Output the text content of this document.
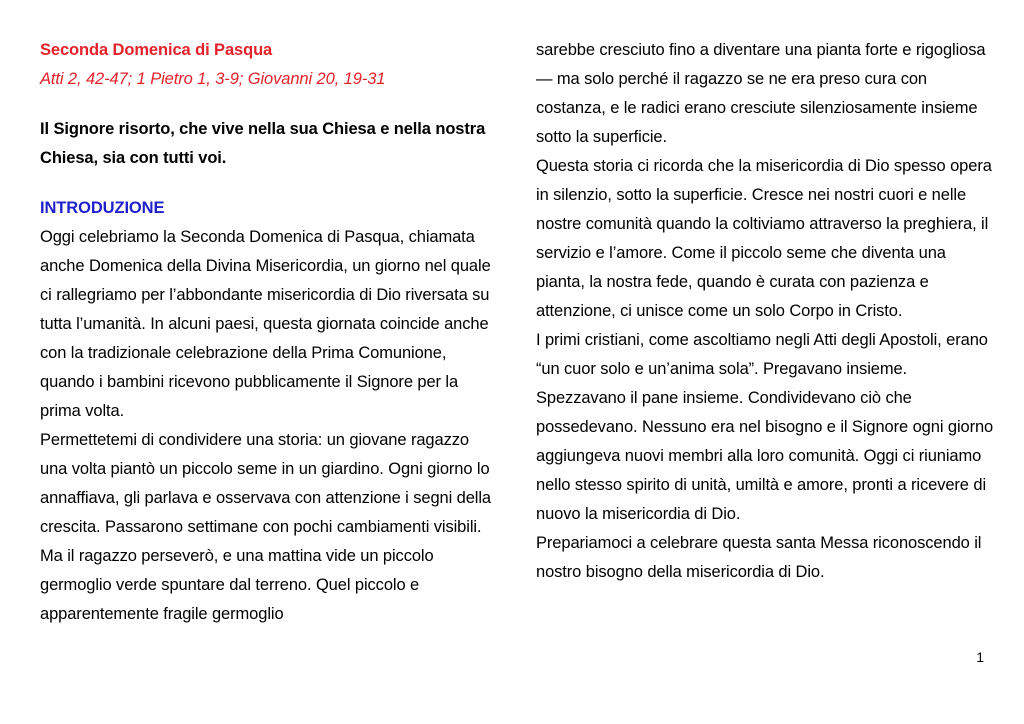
Seconda Domenica di Pasqua
Atti 2, 42-47; 1 Pietro 1, 3-9; Giovanni 20, 19-31
Il Signore risorto, che vive nella sua Chiesa e nella nostra Chiesa, sia con tutti voi.
INTRODUZIONE

Oggi celebriamo la Seconda Domenica di Pasqua, chiamata anche Domenica della Divina Misericordia, un giorno nel quale ci rallegriamo per l’abbondante misericordia di Dio riversata su tutta l’umanità. In alcuni paesi, questa giornata coincide anche con la tradizionale celebrazione della Prima Comunione, quando i bambini ricevono pubblicamente il Signore per la prima volta.

Permettetemi di condividere una storia: un giovane ragazzo una volta piantò un piccolo seme in un giardino. Ogni giorno lo annaffiava, gli parlava e osservava con attenzione i segni della crescita. Passarono settimane con pochi cambiamenti visibili. Ma il ragazzo perseverò, e una mattina vide un piccolo germoglio verde spuntare dal terreno. Quel piccolo e apparentemente fragile germoglio

sarebbe cresciuto fino a diventare una pianta forte e rigogliosa — ma solo perché il ragazzo se ne era preso cura con costanza, e le radici erano cresciute silenziosamente insieme sotto la superficie.

Questa storia ci ricorda che la misericordia di Dio spesso opera in silenzio, sotto la superficie. Cresce nei nostri cuori e nelle nostre comunità quando la coltiviamo attraverso la preghiera, il servizio e l’amore. Come il piccolo seme che diventa una pianta, la nostra fede, quando è curata con pazienza e attenzione, ci unisce come un solo Corpo in Cristo.

I primi cristiani, come ascoltiamo negli Atti degli Apostoli, erano “un cuor solo e un’anima sola”. Pregavano insieme. Spezzavano il pane insieme. Condividevano ciò che possedevano. Nessuno era nel bisogno e il Signore ogni giorno aggiungeva nuovi membri alla loro comunità. Oggi ci riuniamo nello stesso spirito di unità, umiltà e amore, pronti a ricevere di nuovo la misericordia di Dio.

Prepariamoci a celebrare questa santa Messa riconoscendo il nostro bisogno della misericordia di Dio.

1
